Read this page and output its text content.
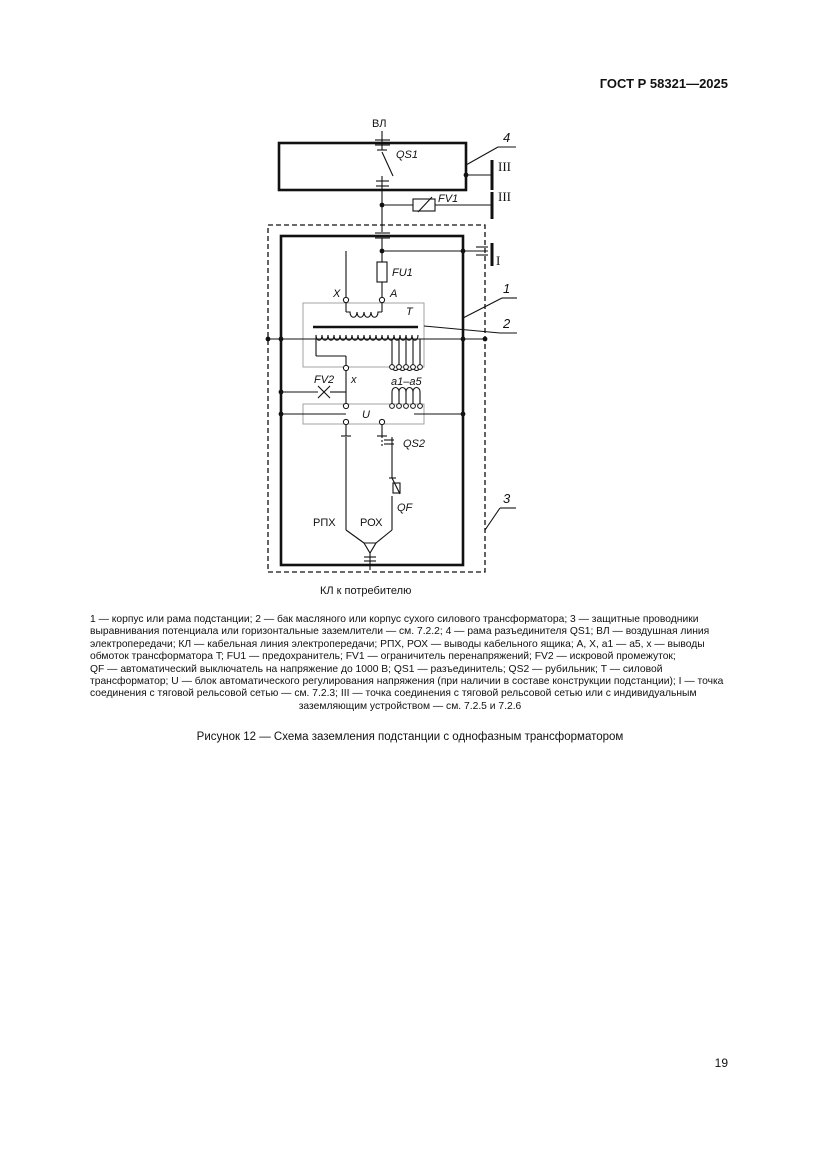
ГОСТ Р 58321—2025
ВЛ
QS1
FV1
FU1
X	A
T
FV2 x	a1–a5
U
QS2
QF
РПХ РОХ
КЛ к потребителю
4
1
2
3
III
III
I
1 — корпус или рама подстанции; 2 — бак масляного или корпус сухого силового трансформатора; 3 — защитные проводники
выравнивания потенциала или горизонтальные заземлители — см. 7.2.2; 4 — рама разъединителя QS1; ВЛ — воздушная линия
электропередачи; КЛ — кабельная линия электропередачи; РПХ, РОХ — выводы кабельного ящика; A, X, a1 — a5, x — выводы
обмоток трансформатора T; FU1 — предохранитель; FV1 — ограничитель перенапряжений; FV2 — искровой промежуток;
QF — автоматический выключатель на напряжение до 1000 В; QS1 — разъединитель; QS2 — рубильник; T — силовой
трансформатор; U — блок автоматического регулирования напряжения (при наличии в составе конструкции подстанции); I — точка
соединения с тяговой рельсовой сетью — см. 7.2.3; III — точка соединения с тяговой рельсовой сетью или с индивидуальным
заземляющим устройством — см. 7.2.5 и 7.2.6
Рисунок 12 — Схема заземления подстанции с однофазным трансформатором
19
